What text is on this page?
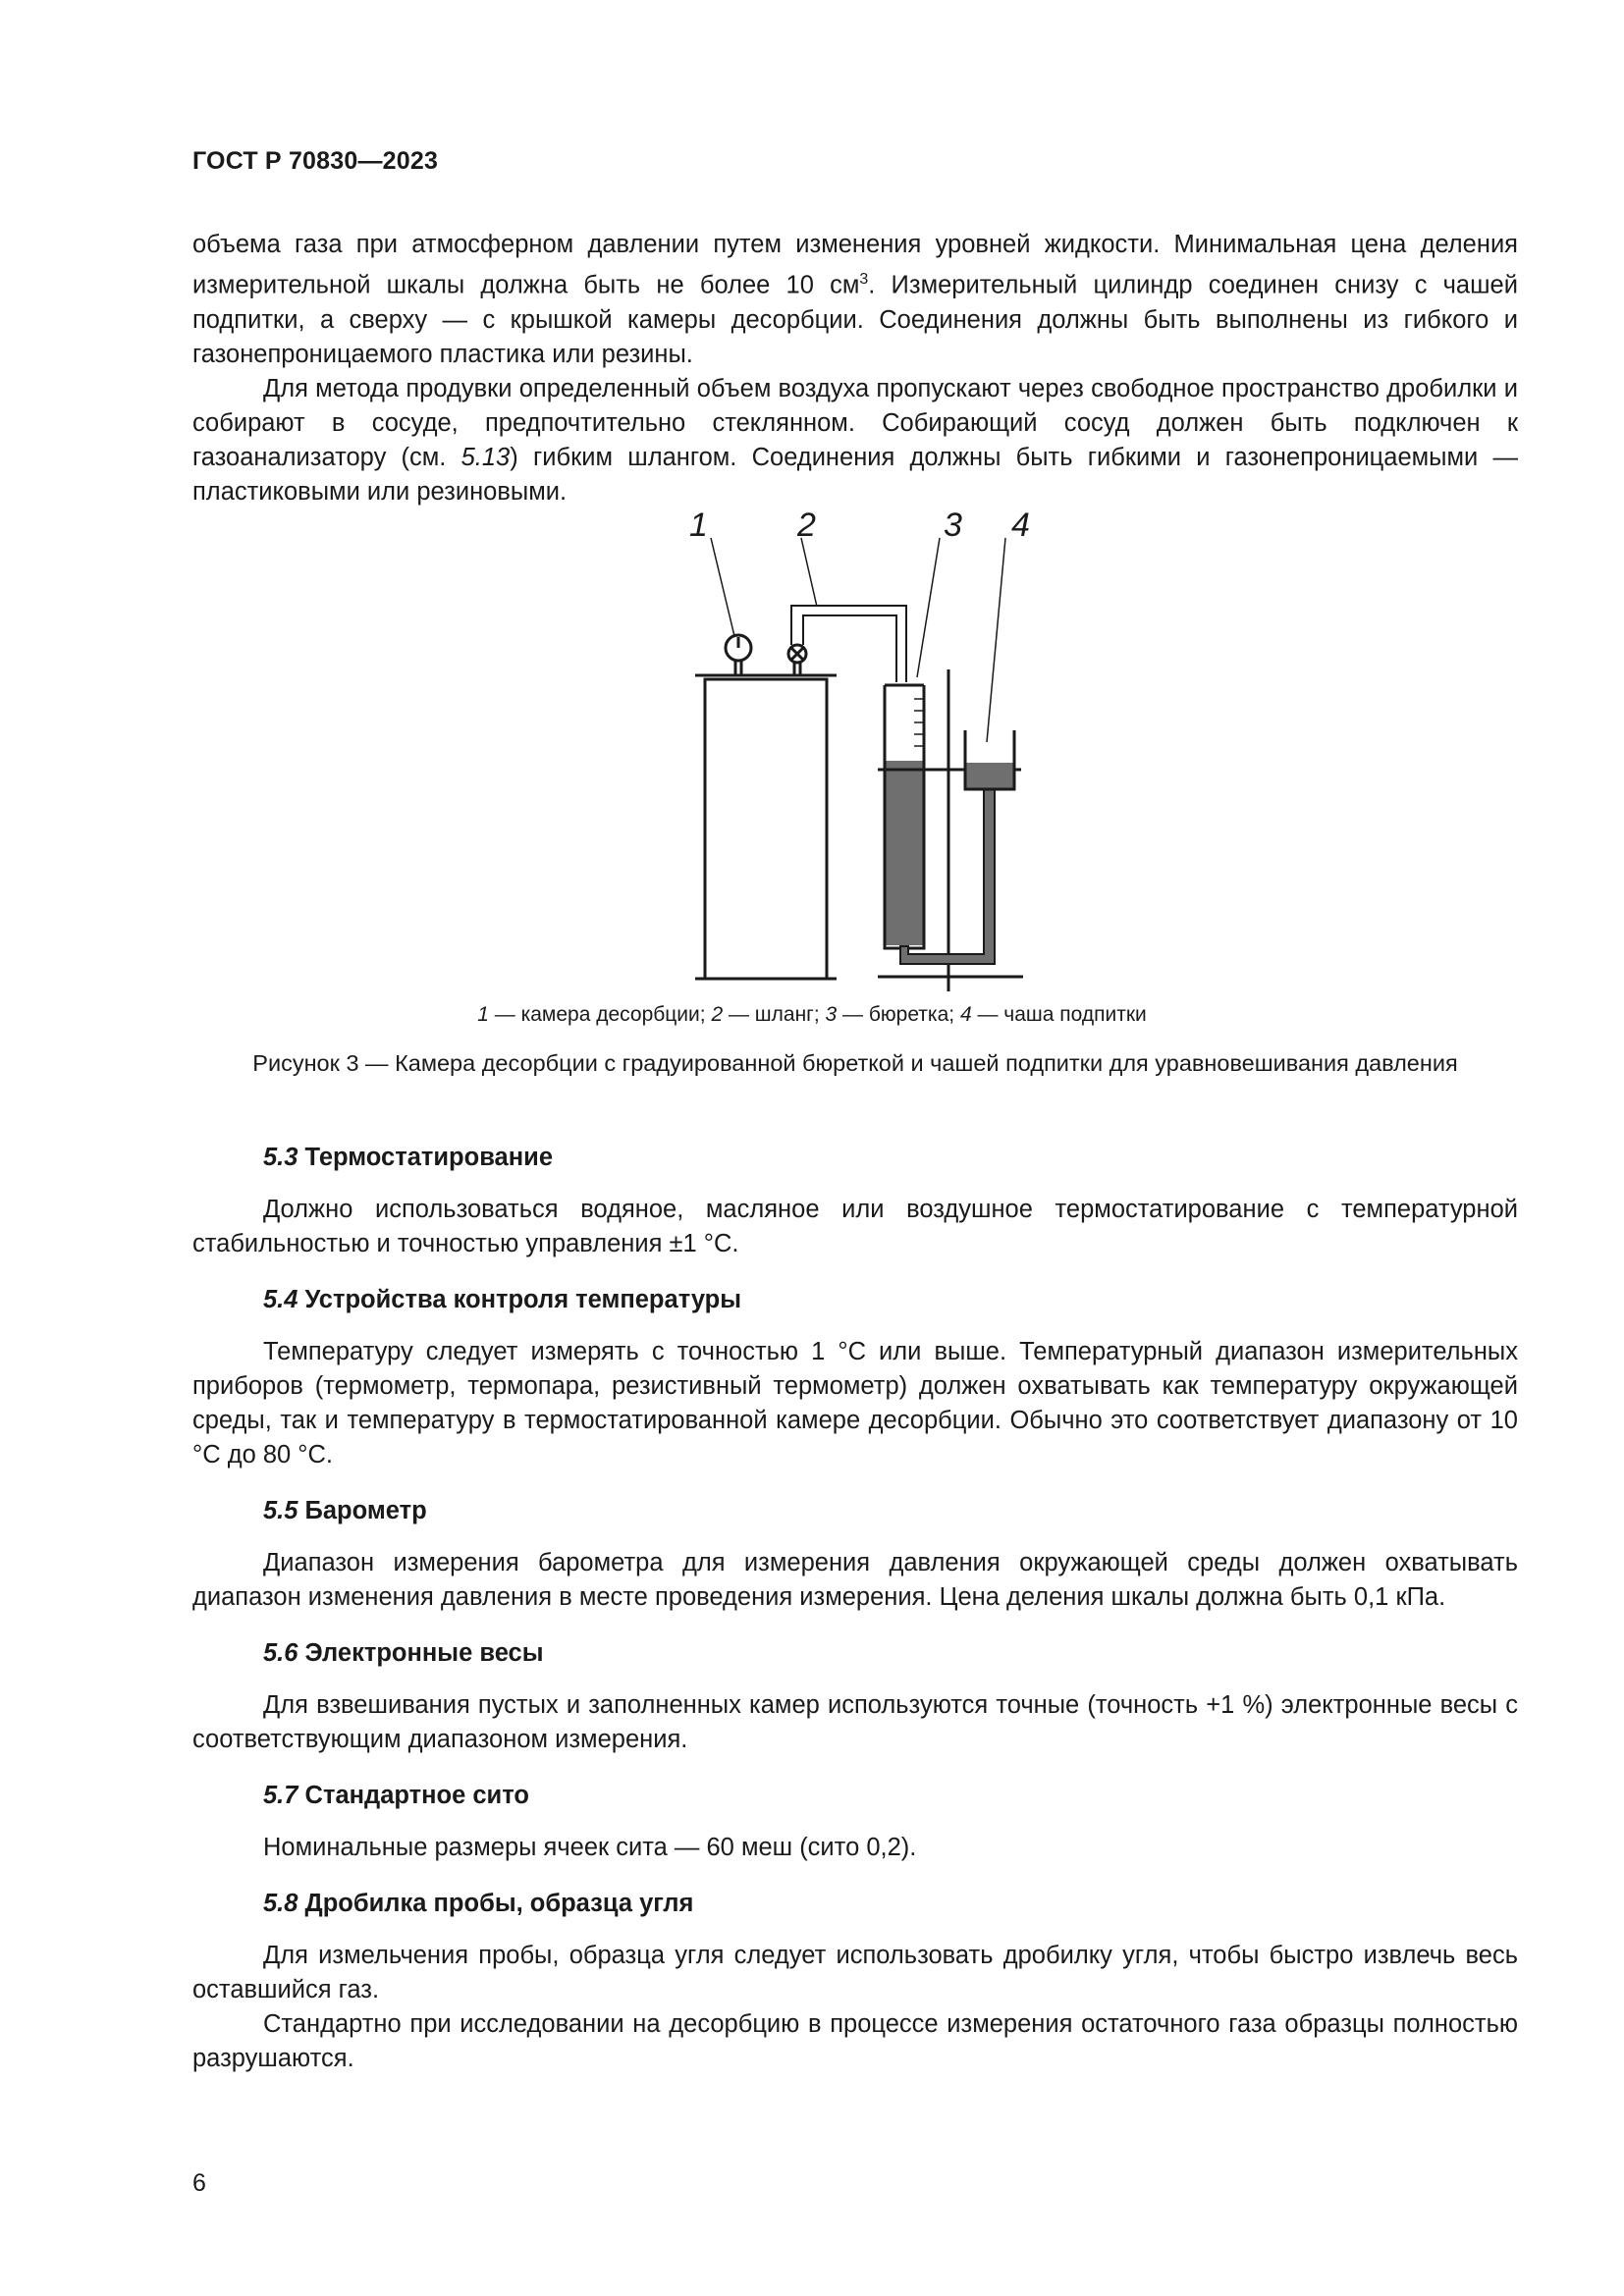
ГОСТ Р 70830—2023

объема газа при атмосферном давлении путем изменения уровней жидкости. Минимальная цена деления измерительной шкалы должна быть не более 10 $см^3$. Измерительный цилиндр соединен снизу с чашей подпитки, а сверху — с крышкой камеры десорбции. Соединения должны быть выполнены из гибкого и газонепроницаемого пластика или резины.

Для метода продувки определенный объем воздуха пропускают через свободное пространство дробилки и собирают в сосуде, предпочтительно стеклянном. Собирающий сосуд должен быть подключен к газоанализатору (см. 5.13) гибким шлангом. Соединения должны быть гибкими и газонепроницаемыми — пластиковыми или резиновыми.

1	2	3 4
1 — камера десорбции; 2 — шланг; 3 — бюретка; 4 — чаша подпитки
Рисунок 3 — Камера десорбции с градуированной бюреткой и чашей подпитки для уравновешивания давления
5.3 Термостатирование

Должно использоваться водяное, масляное или воздушное термостатирование с температурной стабильностью и точностью управления ±1 °C.

5.4 Устройства контроля температуры

Температуру следует измерять с точностью 1 °C или выше. Температурный диапазон измерительных приборов (термометр, термопара, резистивный термометр) должен охватывать как температуру окружающей среды, так и температуру в термостатированной камере десорбции. Обычно это соответствует диапазону от 10 °C до 80 °C.

5.5 Барометр

Диапазон измерения барометра для измерения давления окружающей среды должен охватывать диапазон изменения давления в месте проведения измерения. Цена деления шкалы должна быть 0,1 кПа.

5.6 Электронные весы

Для взвешивания пустых и заполненных камер используются точные (точность +1 %) электронные весы с соответствующим диапазоном измерения.

5.7 Стандартное сито

Номинальные размеры ячеек сита — 60 меш (сито 0,2).

5.8 Дробилка пробы, образца угля

Для измельчения пробы, образца угля следует использовать дробилку угля, чтобы быстро извлечь весь оставшийся газ.

Стандартно при исследовании на десорбцию в процессе измерения остаточного газа образцы полностью разрушаются.

6
